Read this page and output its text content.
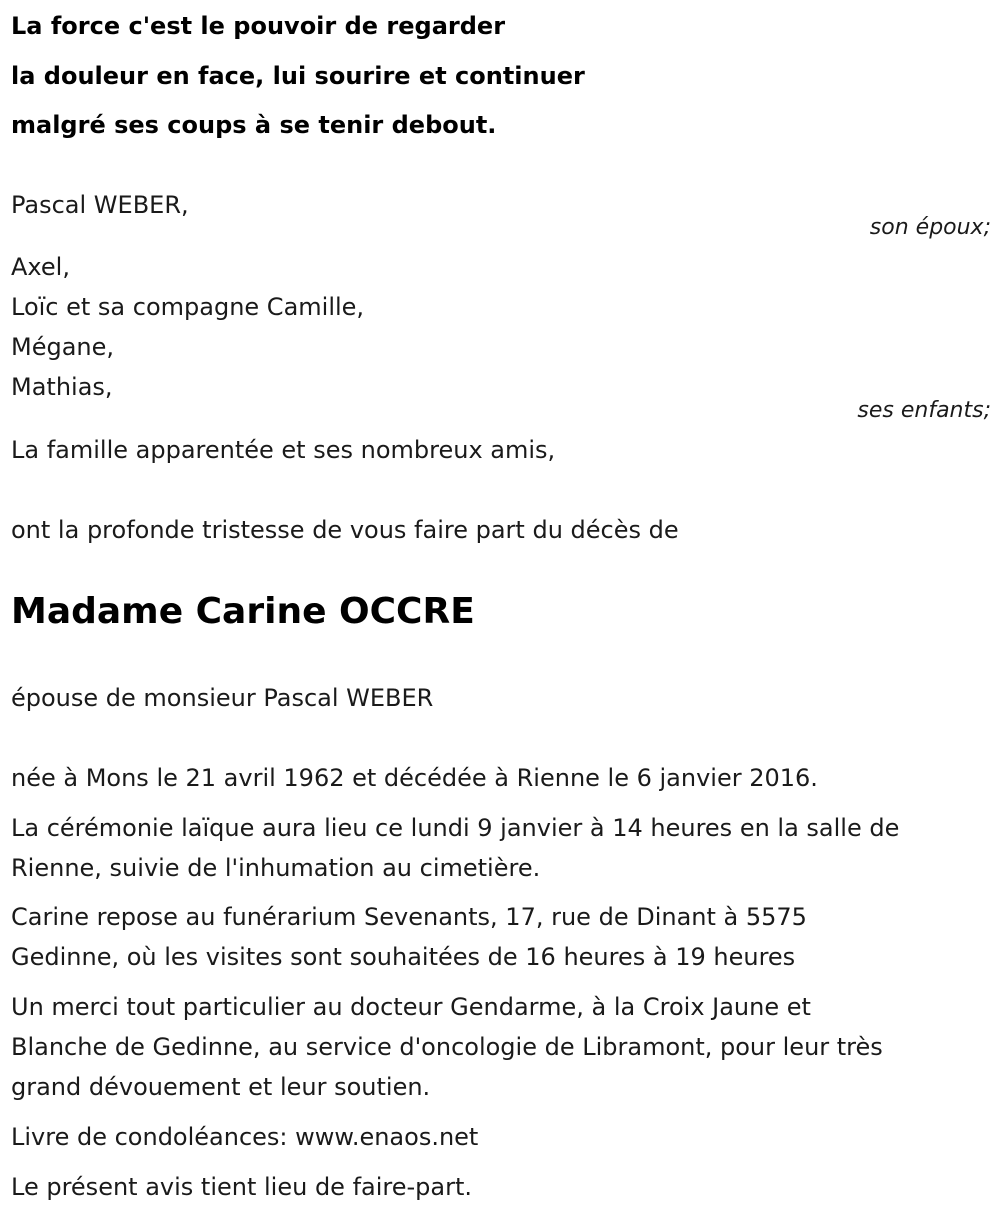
La force c'est le pouvoir de regarder

la douleur en face, lui sourire et continuer

malgré ses coups à se tenir debout.

Pascal WEBER,

son époux;

Axel,

Loïc et sa compagne Camille,

Mégane,

Mathias,

ses enfants;

La famille apparentée et ses nombreux amis,

ont la profonde tristesse de vous faire part du décès de

Madame Carine OCCRE

épouse de monsieur Pascal WEBER

née à Mons le 21 avril 1962 et décédée à Rienne le 6 janvier 2016.

La cérémonie laïque aura lieu ce lundi 9 janvier à 14 heures en la salle de

Rienne, suivie de l'inhumation au cimetière.

Carine repose au funérarium Sevenants, 17, rue de Dinant à 5575

Gedinne, où les visites sont souhaitées de 16 heures à 19 heures

Un merci tout particulier au docteur Gendarme, à la Croix Jaune et

Blanche de Gedinne, au service d'oncologie de Libramont, pour leur très

grand dévouement et leur soutien.

Livre de condoléances: www.enaos.net

Le présent avis tient lieu de faire-part.
